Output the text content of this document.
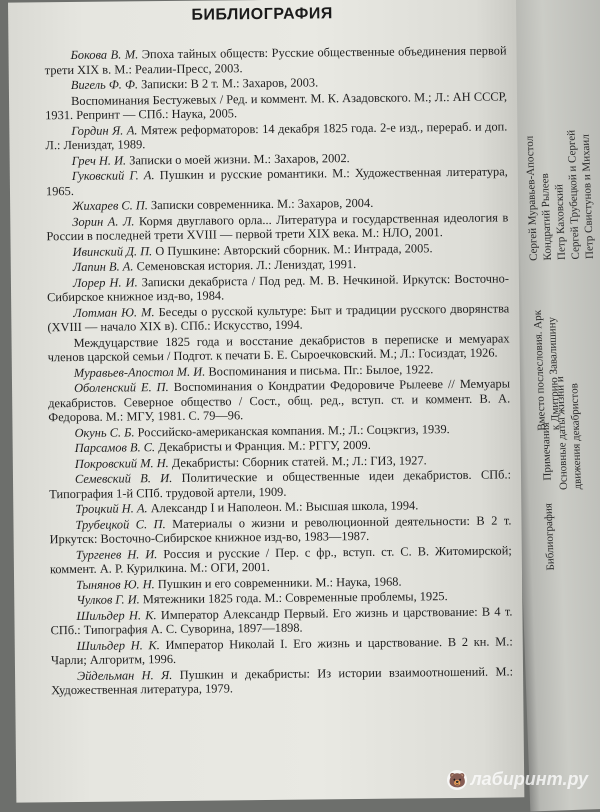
Сергей Муравьев-Апостол
Кондратий Рылеев Петр Каховский
Сергей Трубецкой и Сергей
Петр Свистунов и Михаил
Вместо послесловия. Арк
к Дмитрию Завалишину
Примечания Основные даты жизни и
движения декабристов
Библиография
БИБЛИОГРАФИЯ

Бокова В. М. Эпоха тайных обществ: Русские общественные объединения первой трети XIX в. М.: Реалии-Пресс, 2003.

Вигель Ф. Ф. Записки: В 2 т. М.: Захаров, 2003.

Воспоминания Бестужевых / Ред. и коммент. М. К. Азадовского. М.; Л.: АН СССР, 1931. Репринт — СПб.: Наука, 2005.

Гордин Я. А. Мятеж реформаторов: 14 декабря 1825 года. 2-е изд., перераб. и доп. Л.: Лениздат, 1989.

Греч Н. И. Записки о моей жизни. М.: Захаров, 2002.

Гуковский Г. А. Пушкин и русские романтики. М.: Художественная литература, 1965.

Жихарев С. П. Записки современника. М.: Захаров, 2004.

Зорин А. Л. Кормя двуглавого орла... Литература и государственная идеология в России в последней трети XVIII — первой трети XIX века. М.: НЛО, 2001.

Ивинский Д. П. О Пушкине: Авторский сборник. М.: Интрада, 2005.

Лапин В. А. Семеновская история. Л.: Лениздат, 1991.

Лорер Н. И. Записки декабриста / Под ред. М. В. Нечкиной. Иркутск: Восточно-Сибирское книжное изд-во, 1984.

Лотман Ю. М. Беседы о русской культуре: Быт и традиции русского дворянства (XVIII — начало XIX в). СПб.: Искусство, 1994.

Междуцарствие 1825 года и восстание декабристов в переписке и мемуарах членов царской семьи / Подгот. к печати Б. Е. Сыроечковский. М.; Л.: Госиздат, 1926.

Муравьев-Апостол М. И. Воспоминания и письма. Пг.: Былое, 1922.

Оболенский Е. П. Воспоминания о Кондратии Федоровиче Рылееве // Мемуары декабристов. Северное общество / Сост., общ. ред., вступ. ст. и коммент. В. А. Федорова. М.: МГУ, 1981. С. 79—96.

Окунь С. Б. Российско-американская компания. М.; Л.: Соцэкгиз, 1939.

Парсамов В. С. Декабристы и Франция. М.: РГГУ, 2009.

Покровский М. Н. Декабристы: Сборник статей. М.; Л.: ГИЗ, 1927.

Семевский В. И. Политические и общественные идеи декабристов. СПб.: Типография 1-й СПб. трудовой артели, 1909.

Троцкий Н. А. Александр I и Наполеон. М.: Высшая школа, 1994.

Трубецкой С. П. Материалы о жизни и революционной деятельности: В 2 т. Иркутск: Восточно-Сибирское книжное изд-во, 1983—1987.

Тургенев Н. И. Россия и русские / Пер. с фр., вступ. ст. С. В. Житомирской; коммент. А. Р. Курилкина. М.: ОГИ, 2001.

Тынянов Ю. Н. Пушкин и его современники. М.: Наука, 1968.

Чулков Г. И. Мятежники 1825 года. М.: Современные проблемы, 1925.

Шильдер Н. К. Император Александр Первый. Его жизнь и царствование: В 4 т. СПб.: Типография А. С. Суворина, 1897—1898.

Шильдер Н. К. Император Николай I. Его жизнь и царствование. В 2 кн. М.: Чарли; Алгоритм, 1996.

Эйдельман Н. Я. Пушкин и декабристы: Из истории взаимоотношений. М.: Художественная литература, 1979.

🐻 лабиринт.ру
